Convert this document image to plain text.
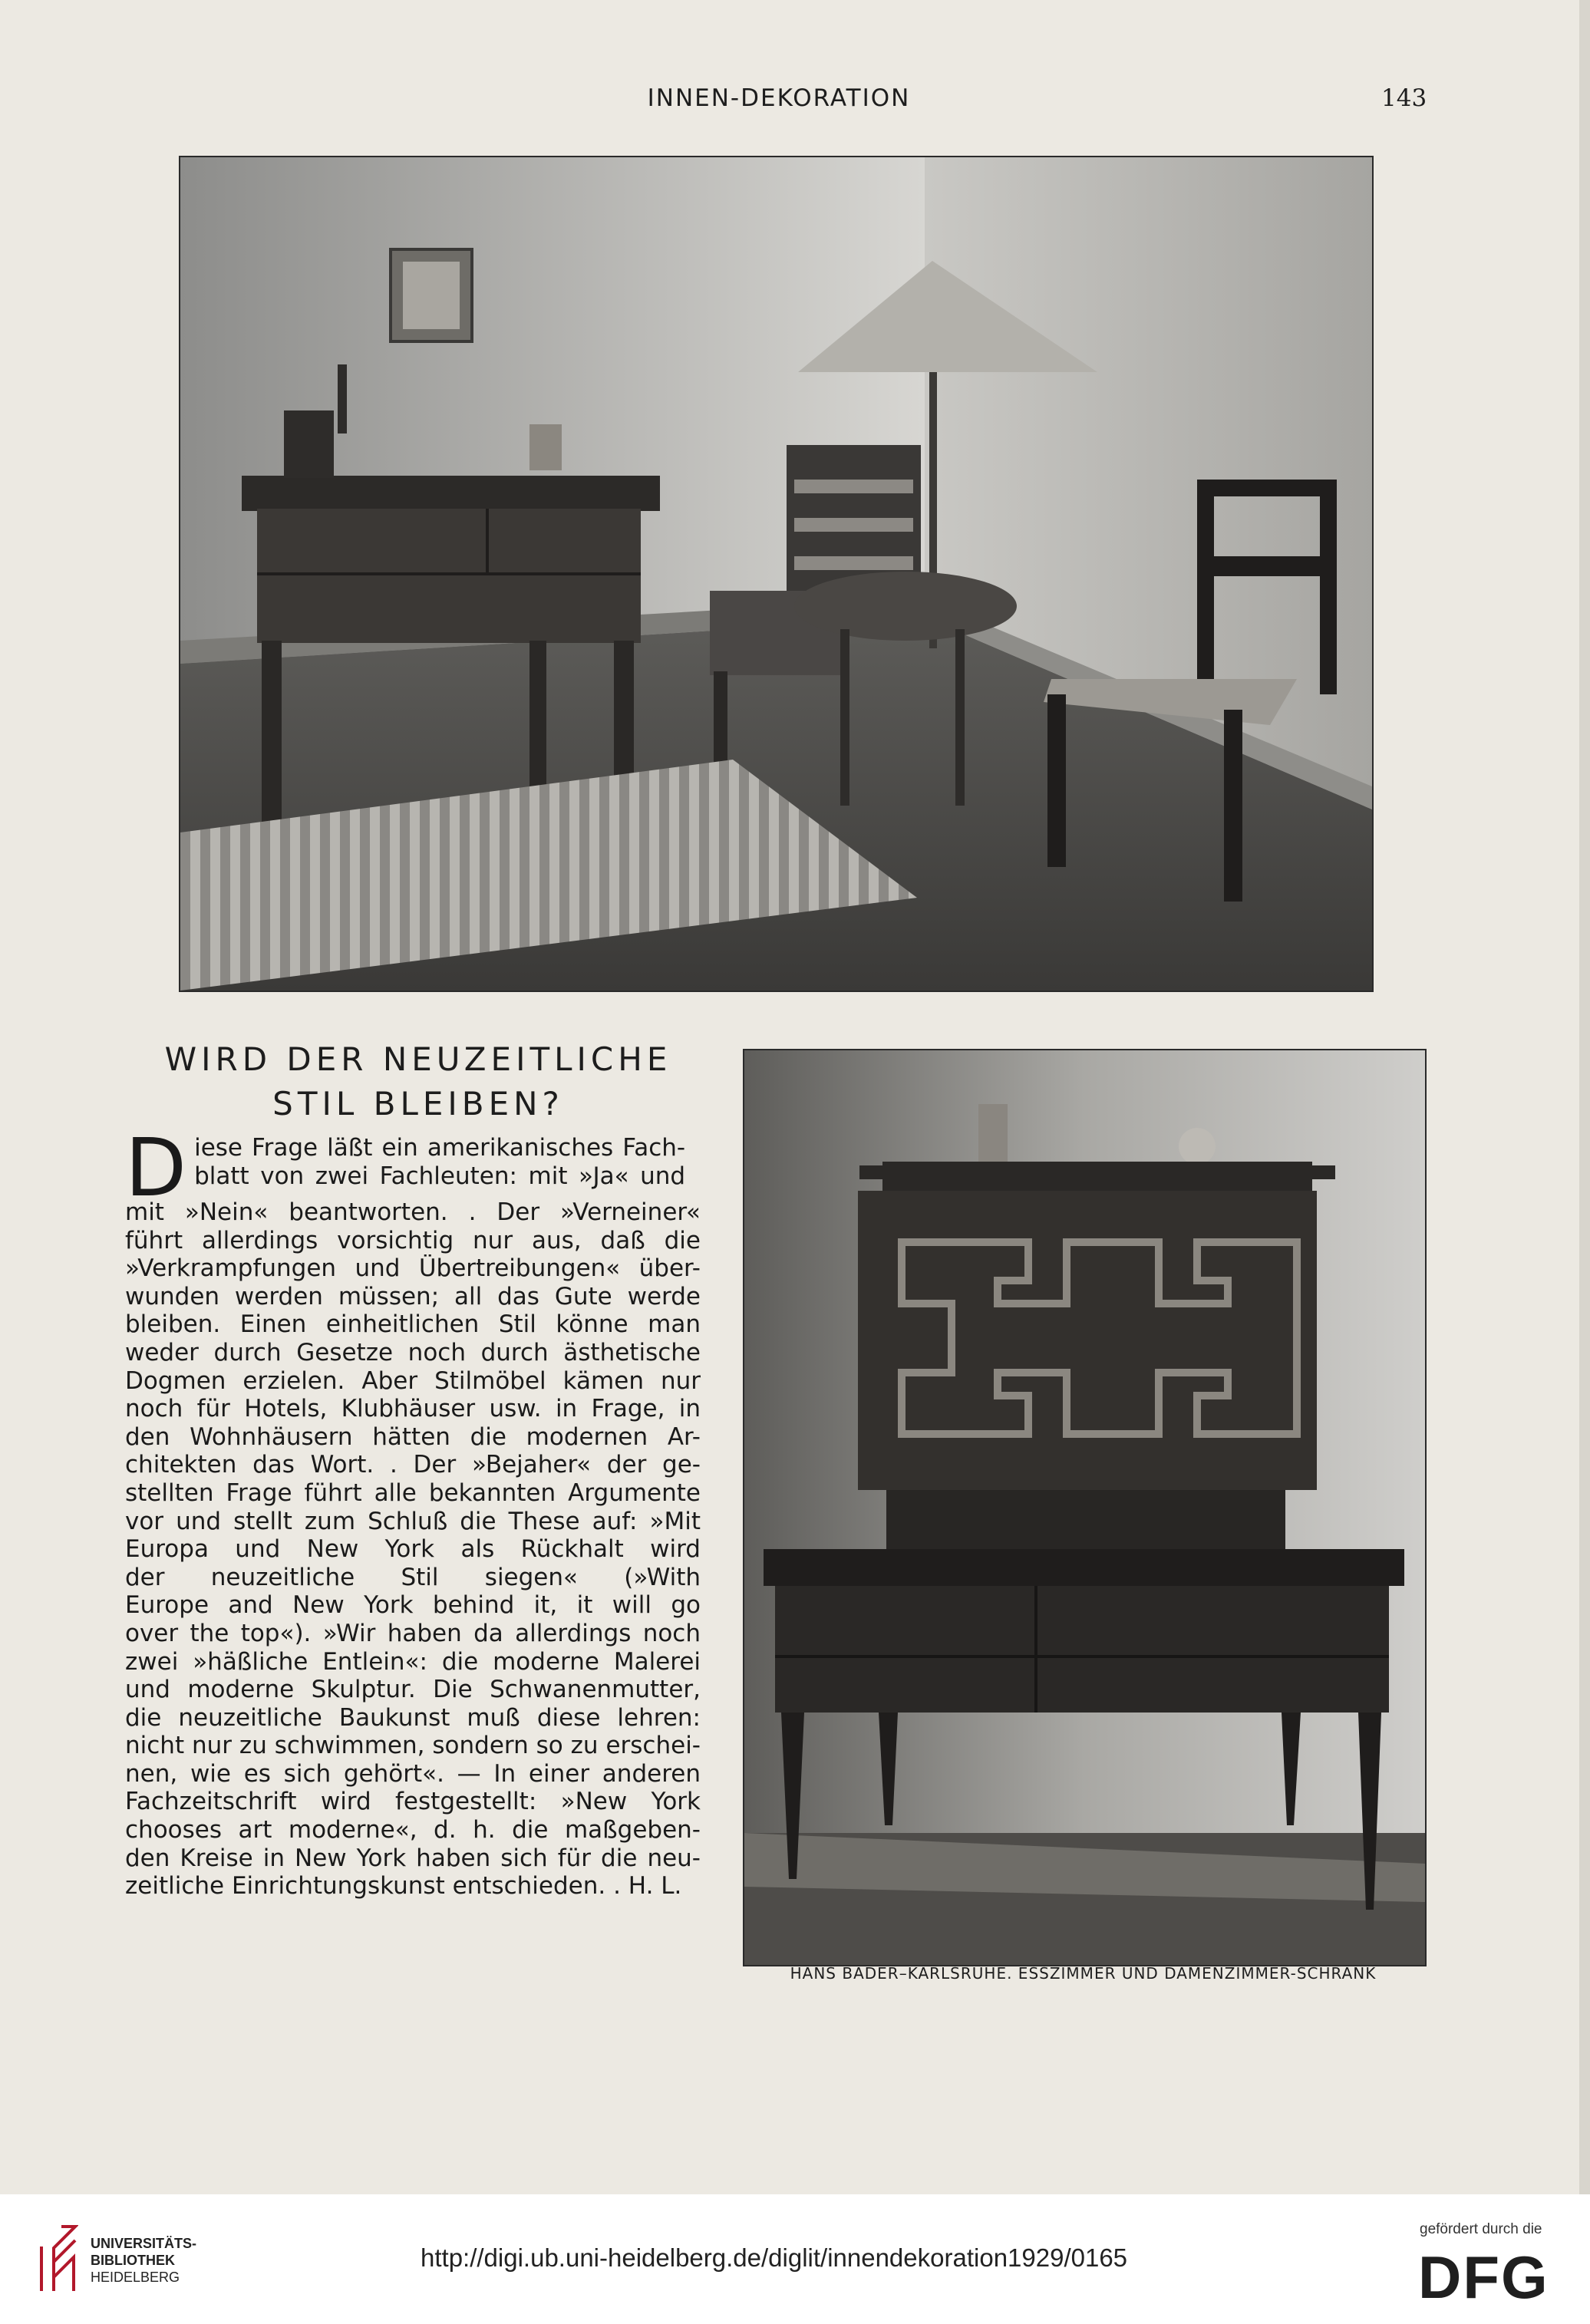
INNEN-DEKORATION	143
WIRD DER NEUZEITLICHE
STIL BLEIBEN?
D iese Frage läßt ein amerikanisches Fach-
blatt von zwei Fachleuten: mit »Ja« und
mit »Nein« beantworten. . Der »Verneiner«
führt allerdings vorsichtig nur aus, daß die
»Verkrampfungen und Übertreibungen« über-
wunden werden müssen; all das Gute werde
bleiben. Einen einheitlichen Stil könne man
weder durch Gesetze noch durch ästhetische
Dogmen erzielen. Aber Stilmöbel kämen nur
noch für Hotels, Klubhäuser usw. in Frage, in
den Wohnhäusern hätten die modernen Ar-
chitekten das Wort. . Der »Bejaher« der ge-
stellten Frage führt alle bekannten Argumente
vor und stellt zum Schluß die These auf: »Mit
Europa und New York als Rückhalt wird
der neuzeitliche Stil siegen« (»With
Europe and New York behind it, it will go
over the top«). »Wir haben da allerdings noch
zwei »häßliche Entlein«: die moderne Malerei
und moderne Skulptur. Die Schwanenmutter,
die neuzeitliche Baukunst muß diese lehren:
nicht nur zu schwimmen, sondern so zu erschei-
nen, wie es sich gehört«. — In einer anderen
Fachzeitschrift wird festgestellt: »New York
chooses art moderne«, d. h. die maßgeben-
den Kreise in New York haben sich für die neu-
zeitliche Einrichtungskunst entschieden. . H. L.
HANS BADER–KARLSRUHE. ESSZIMMER UND DAMENZIMMER-SCHRANK
UNIVERSITÄTS-
BIBLIOTHEK
HEIDELBERG
http://digi.ub.uni-heidelberg.de/diglit/innendekoration1929/0165
gefördert durch die
DFG
